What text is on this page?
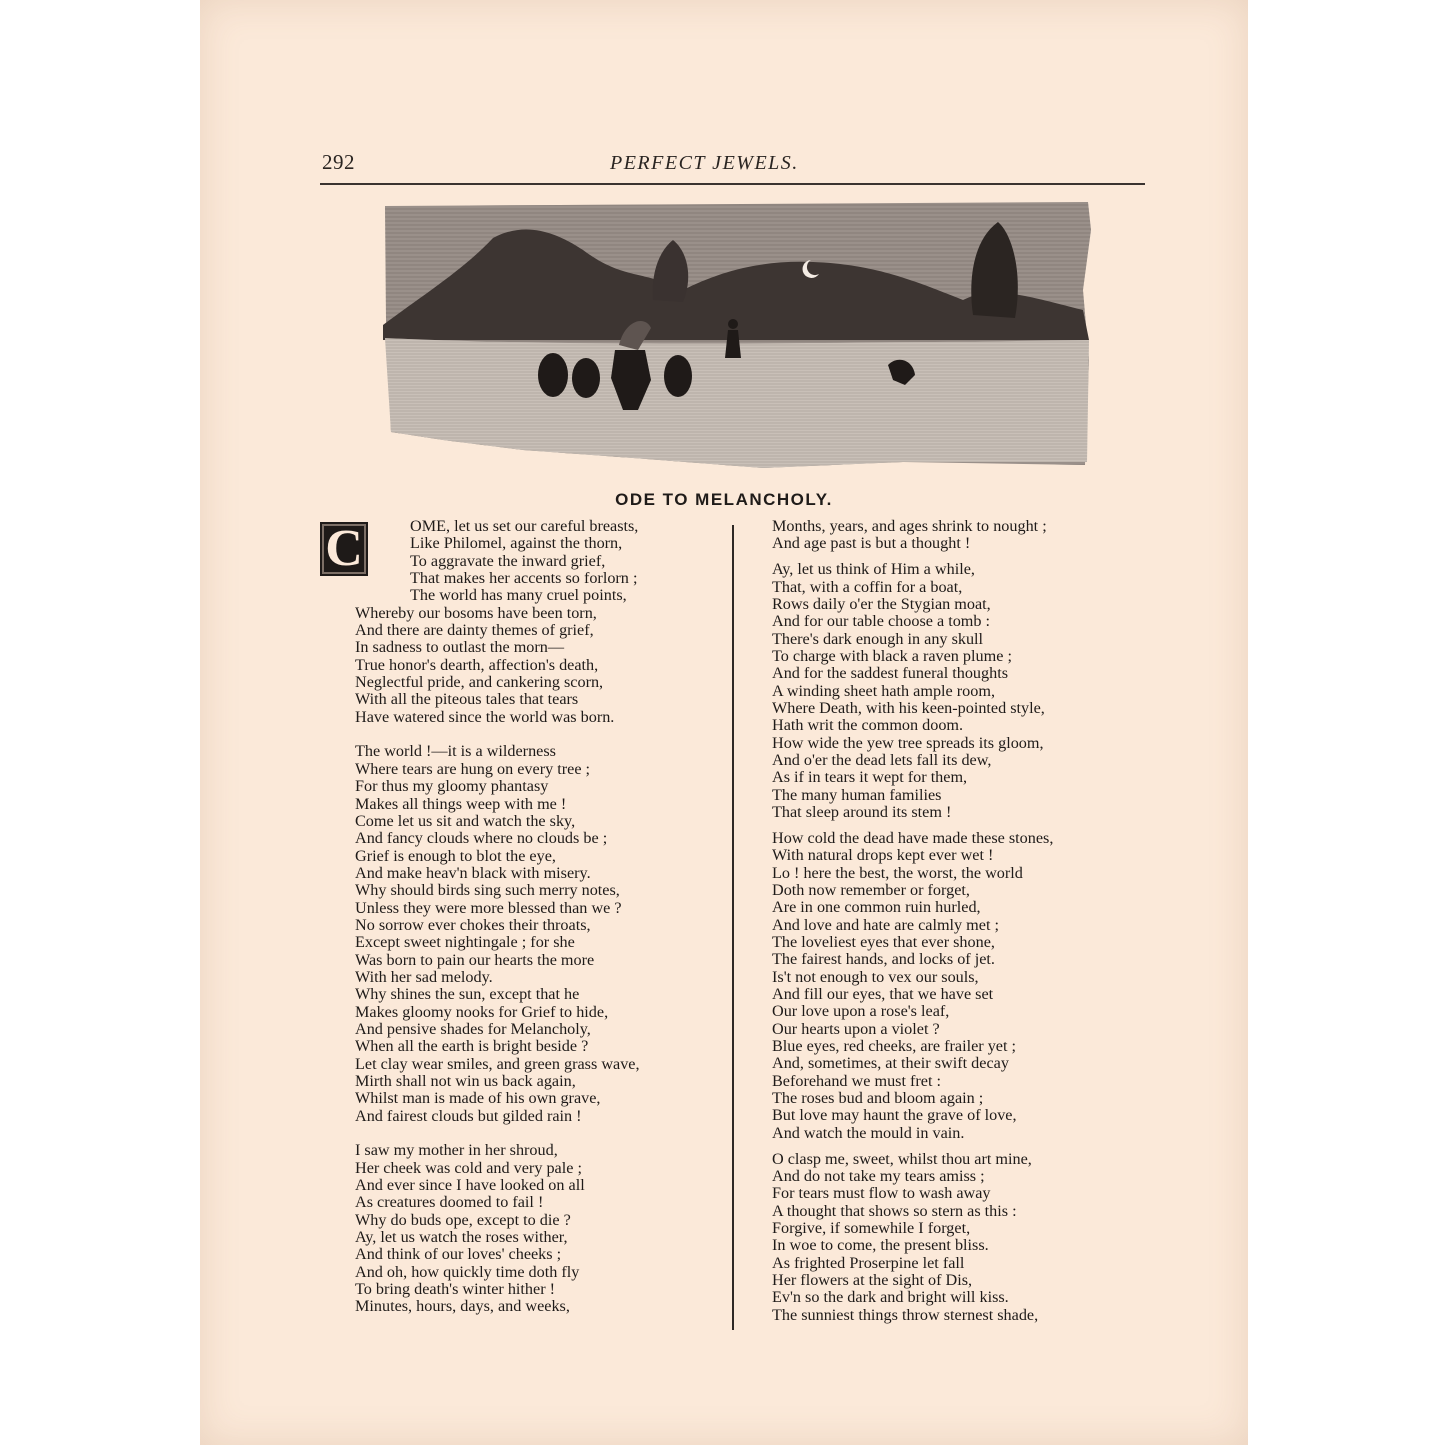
292	PERFECT JEWELS.
ODE TO MELANCHOLY.
C	OME, let us set our careful breasts,
Like Philomel, against the thorn,
To aggravate the inward grief,
That makes her accents so forlorn ;
The world has many cruel points,
Whereby our bosoms have been torn,
And there are dainty themes of grief,
In sadness to outlast the morn—
True honor's dearth, affection's death,
Neglectful pride, and cankering scorn,
With all the piteous tales that tears
Have watered since the world was born.
The world !—it is a wilderness
Where tears are hung on every tree ;
For thus my gloomy phantasy
Makes all things weep with me !
Come let us sit and watch the sky,
And fancy clouds where no clouds be ;
Grief is enough to blot the eye,
And make heav'n black with misery.
Why should birds sing such merry notes,
Unless they were more blessed than we ?
No sorrow ever chokes their throats,
Except sweet nightingale ; for she
Was born to pain our hearts the more
With her sad melody.
Why shines the sun, except that he
Makes gloomy nooks for Grief to hide,
And pensive shades for Melancholy,
When all the earth is bright beside ?
Let clay wear smiles, and green grass wave,
Mirth shall not win us back again,
Whilst man is made of his own grave,
And fairest clouds but gilded rain !
I saw my mother in her shroud,
Her cheek was cold and very pale ;
And ever since I have looked on all
As creatures doomed to fail !
Why do buds ope, except to die ?
Ay, let us watch the roses wither,
And think of our loves' cheeks ;
And oh, how quickly time doth fly
To bring death's winter hither !
Minutes, hours, days, and weeks,
Months, years, and ages shrink to nought ;
And age past is but a thought !
Ay, let us think of Him a while,
That, with a coffin for a boat,
Rows daily o'er the Stygian moat,
And for our table choose a tomb :
There's dark enough in any skull
To charge with black a raven plume ;
And for the saddest funeral thoughts
A winding sheet hath ample room,
Where Death, with his keen-pointed style,
Hath writ the common doom.
How wide the yew tree spreads its gloom,
And o'er the dead lets fall its dew,
As if in tears it wept for them,
The many human families
That sleep around its stem !
How cold the dead have made these stones,
With natural drops kept ever wet !
Lo ! here the best, the worst, the world
Doth now remember or forget,
Are in one common ruin hurled,
And love and hate are calmly met ;
The loveliest eyes that ever shone,
The fairest hands, and locks of jet.
Is't not enough to vex our souls,
And fill our eyes, that we have set
Our love upon a rose's leaf,
Our hearts upon a violet ?
Blue eyes, red cheeks, are frailer yet ;
And, sometimes, at their swift decay
Beforehand we must fret :
The roses bud and bloom again ;
But love may haunt the grave of love,
And watch the mould in vain.
O clasp me, sweet, whilst thou art mine,
And do not take my tears amiss ;
For tears must flow to wash away
A thought that shows so stern as this :
Forgive, if somewhile I forget,
In woe to come, the present bliss.
As frighted Proserpine let fall
Her flowers at the sight of Dis,
Ev'n so the dark and bright will kiss.
The sunniest things throw sternest shade,
